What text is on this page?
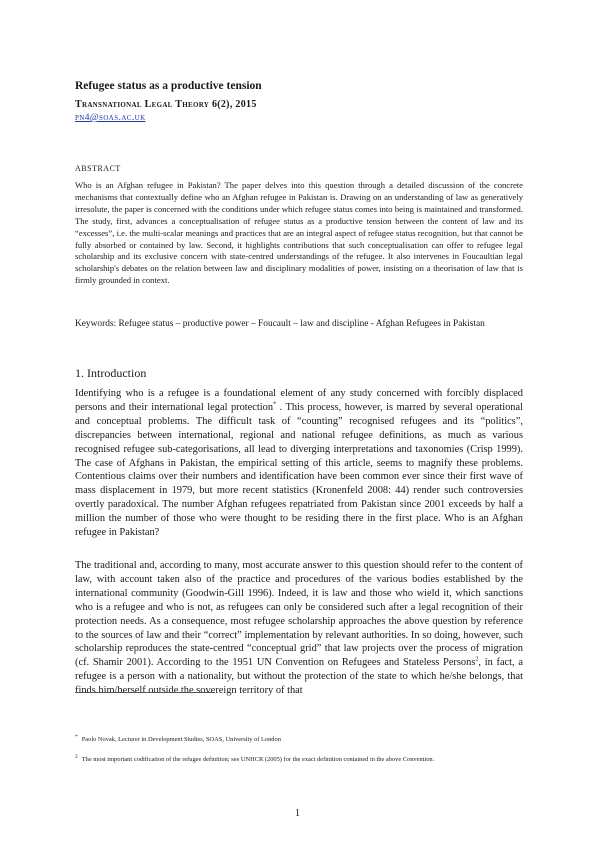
Refugee status as a productive tension
Transnational Legal Theory 6(2), 2015
pn4@soas.ac.uk
ABSTRACT
Who is an Afghan refugee in Pakistan? The paper delves into this question through a detailed discussion of the concrete mechanisms that contextually define who an Afghan refugee in Pakistan is. Drawing on an understanding of law as generatively irresolute, the paper is concerned with the conditions under which refugee status comes into being is maintained and transformed. The study, first, advances a conceptualisation of refugee status as a productive tension between the content of law and its “excesses”, i.e. the multi-scalar meanings and practices that are an integral aspect of refugee status recognition, but that cannot be fully absorbed or contained by law. Second, it highlights contributions that such conceptualisation can offer to refugee legal scholarship and its exclusive concern with state-centred understandings of the refugee. It also intervenes in Foucaultian legal scholarship's debates on the relation between law and disciplinary modalities of power, insisting on a theorisation of law that is firmly grounded in context.
Keywords: Refugee status – productive power – Foucault – law and discipline - Afghan Refugees in Pakistan
1. Introduction
Identifying who is a refugee is a foundational element of any study concerned with forcibly displaced persons and their international legal protection* . This process, however, is marred by several operational and conceptual problems. The difficult task of “counting” recognised refugees and its “politics”, discrepancies between international, regional and national refugee definitions, as much as various recognised refugee sub-categorisations, all lead to diverging interpretations and taxonomies (Crisp 1999). The case of Afghans in Pakistan, the empirical setting of this article, seems to magnify these problems. Contentious claims over their numbers and identification have been common ever since their first wave of mass displacement in 1979, but more recent statistics (Kronenfeld 2008: 44) render such controversies overtly paradoxical. The number Afghan refugees repatriated from Pakistan since 2001 exceeds by half a million the number of those who were thought to be residing there in the first place. Who is an Afghan refugee in Pakistan?
The traditional and, according to many, most accurate answer to this question should refer to the content of law, with account taken also of the practice and procedures of the various bodies established by the international community (Goodwin-Gill 1996). Indeed, it is law and those who wield it, which sanctions who is a refugee and who is not, as refugees can only be considered such after a legal recognition of their protection needs. As a consequence, most refugee scholarship approaches the above question by reference to the sources of law and their “correct” implementation by relevant authorities. In so doing, however, such scholarship reproduces the state-centred “conceptual grid” that law projects over the process of migration (cf. Shamir 2001). According to the 1951 UN Convention on Refugees and Stateless Persons$^2$, in fact, a refugee is a person with a nationality, but without the protection of the state to which he/she belongs, that finds him/herself outside the sovereign territory of that
* Paolo Novak, Lecturer in Development Studies, SOAS, University of London
2 The most important codification of the refugee definition; see UNHCR (2005) for the exact definition contained in the above Convention.
1
